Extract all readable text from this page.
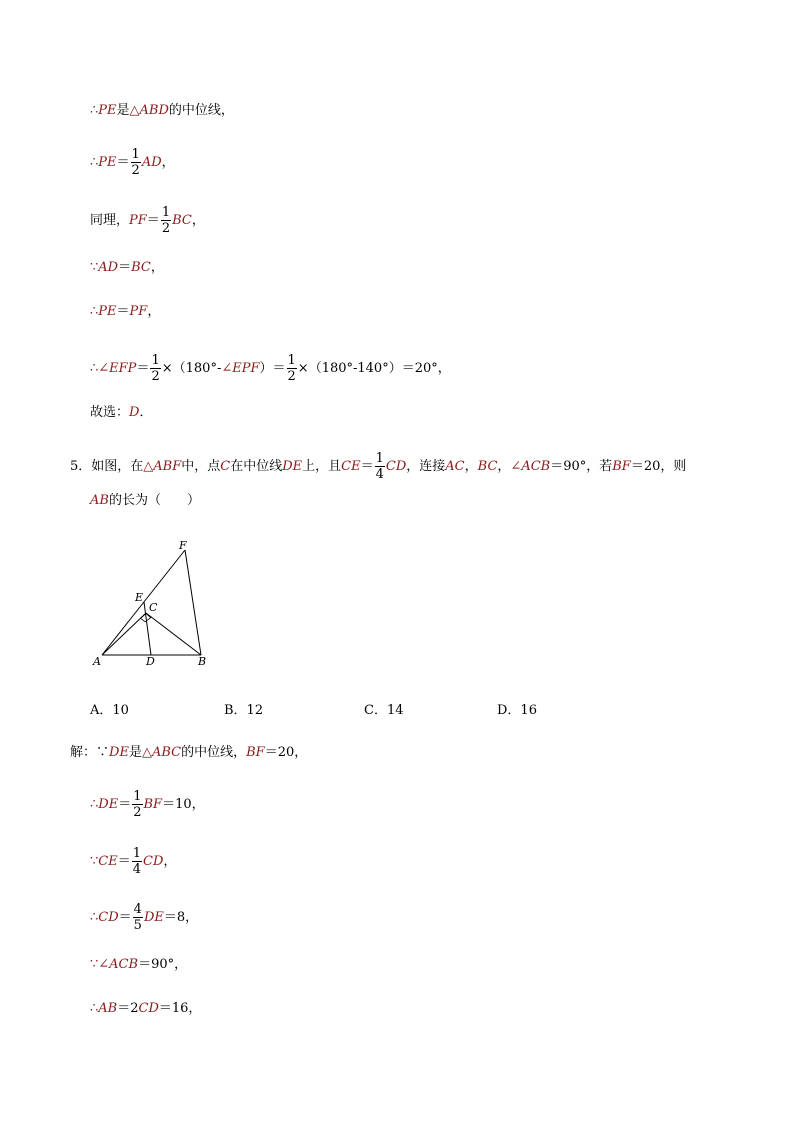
∴ PE 是 △ABD 的中位线，
∴ PE ＝ $\frac{1}{2}$ AD ，
同理， PF ＝ $\frac{1}{2}$ BC ，
∵ AD ＝ BC ，
∴ PE ＝ PF ，
∴ ∠EFP ＝ $\frac{1}{2} \times(180^\circ-$ ∠EPF ）＝ $\frac{1}{2} \times(180^\circ-140^\circ)=20^\circ$，
故选： D ．
5．如图，在 △ABF 中，点 C 在中位线 DE 上，且 CE ＝ $\frac{1}{4}$ CD ，连接 AC ， BC ， ∠ACB ＝90°，若 BF ＝20，则
AB 的长为（　　）
F
E
C
A	D	B
A．10	B．12	C．14	D．16
解：∵ DE 是 △ABC 的中位线， BF ＝20，
∴ DE ＝ $\frac{1}{2}$ BF ＝10，
∵ CE ＝ $\frac{1}{4}$ CD ，
∴ CD ＝ $\frac{4}{5}$ DE ＝8，
∵ ∠ACB ＝90°，
∴ AB ＝2 CD ＝16，
